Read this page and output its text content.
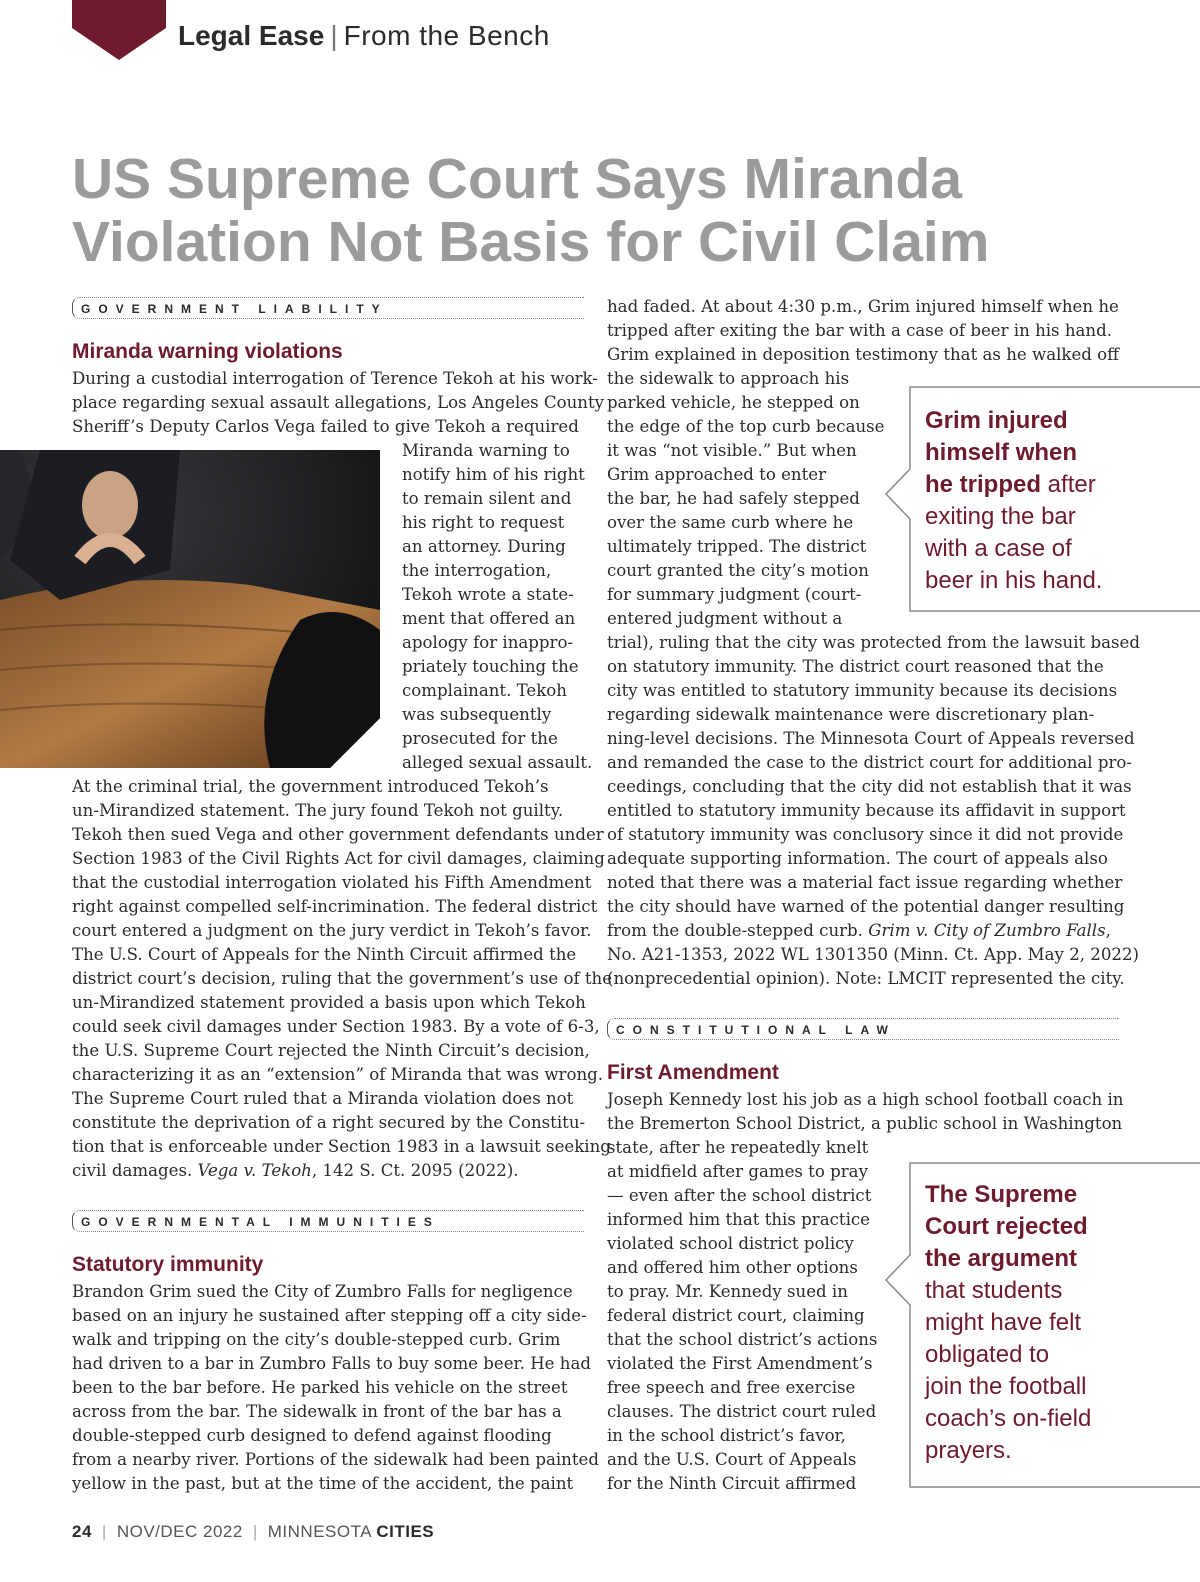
Legal Ease | From the Bench
US Supreme Court Says Miranda
Violation Not Basis for Civil Claim
GOVERNMENT LIABILITY
Miranda warning violations

During a custodial interrogation of Terence Tekoh at his work-

place regarding sexual assault allegations, Los Angeles County

Sheriff’s Deputy Carlos Vega failed to give Tekoh a required

Miranda warning to

notify him of his right

to remain silent and

his right to request

an attorney. During

the interrogation,

Tekoh wrote a state-

ment that offered an

apology for inappro-

priately touching the

complainant. Tekoh

was subsequently

prosecuted for the

alleged sexual assault.

At the criminal trial, the government introduced Tekoh’s

un-Mirandized statement. The jury found Tekoh not guilty.

Tekoh then sued Vega and other government defendants under

Section 1983 of the Civil Rights Act for civil damages, claiming

that the custodial interrogation violated his Fifth Amendment

right against compelled self-incrimination. The federal district

court entered a judgment on the jury verdict in Tekoh’s favor.

The U.S. Court of Appeals for the Ninth Circuit affirmed the

district court’s decision, ruling that the government’s use of the

un-Mirandized statement provided a basis upon which Tekoh

could seek civil damages under Section 1983. By a vote of 6-3,

the U.S. Supreme Court rejected the Ninth Circuit’s decision,

characterizing it as an “extension” of Miranda that was wrong.

The Supreme Court ruled that a Miranda violation does not

constitute the deprivation of a right secured by the Constitu-

tion that is enforceable under Section 1983 in a lawsuit seeking

civil damages. Vega v. Tekoh, 142 S. Ct. 2095 (2022).
GOVERNMENTAL IMMUNITIES
Statutory immunity

Brandon Grim sued the City of Zumbro Falls for negligence

based on an injury he sustained after stepping off a city side-

walk and tripping on the city’s double-stepped curb. Grim

had driven to a bar in Zumbro Falls to buy some beer. He had

been to the bar before. He parked his vehicle on the street

across from the bar. The sidewalk in front of the bar has a

double-stepped curb designed to defend against flooding

from a nearby river. Portions of the sidewalk had been painted

yellow in the past, but at the time of the accident, the paint

had faded. At about 4:30 p.m., Grim injured himself when he

tripped after exiting the bar with a case of beer in his hand.

Grim explained in deposition testimony that as he walked off

the sidewalk to approach his

parked vehicle, he stepped on

the edge of the top curb because

it was “not visible.” But when

Grim approached to enter

the bar, he had safely stepped

over the same curb where he

ultimately tripped. The district

court granted the city’s motion

for summary judgment (court-

entered judgment without a

trial), ruling that the city was protected from the lawsuit based

on statutory immunity. The district court reasoned that the

city was entitled to statutory immunity because its decisions

regarding sidewalk maintenance were discretionary plan-

ning-level decisions. The Minnesota Court of Appeals reversed

and remanded the case to the district court for additional pro-

ceedings, concluding that the city did not establish that it was

entitled to statutory immunity because its affidavit in support

of statutory immunity was conclusory since it did not provide

adequate supporting information. The court of appeals also

noted that there was a material fact issue regarding whether

the city should have warned of the potential danger resulting

from the double-stepped curb. Grim v. City of Zumbro Falls,

No. A21-1353, 2022 WL 1301350 (Minn. Ct. App. May 2, 2022)

(nonprecedential opinion). Note: LMCIT represented the city.

Grim injured
himself when
he tripped after
exiting the bar
with a case of
beer in his hand.
CONSTITUTIONAL LAW
First Amendment

Joseph Kennedy lost his job as a high school football coach in

the Bremerton School District, a public school in Washington

state, after he repeatedly knelt

at midfield after games to pray

— even after the school district

informed him that this practice

violated school district policy

and offered him other options

to pray. Mr. Kennedy sued in

federal district court, claiming

that the school district’s actions

violated the First Amendment’s

free speech and free exercise

clauses. The district court ruled

in the school district’s favor,

and the U.S. Court of Appeals

for the Ninth Circuit affirmed

The Supreme
Court rejected
the argument
that students
might have felt
obligated to
join the football
coach’s on-field
prayers.
24 | NOV/DEC 2022 | MINNESOTA CITIES
